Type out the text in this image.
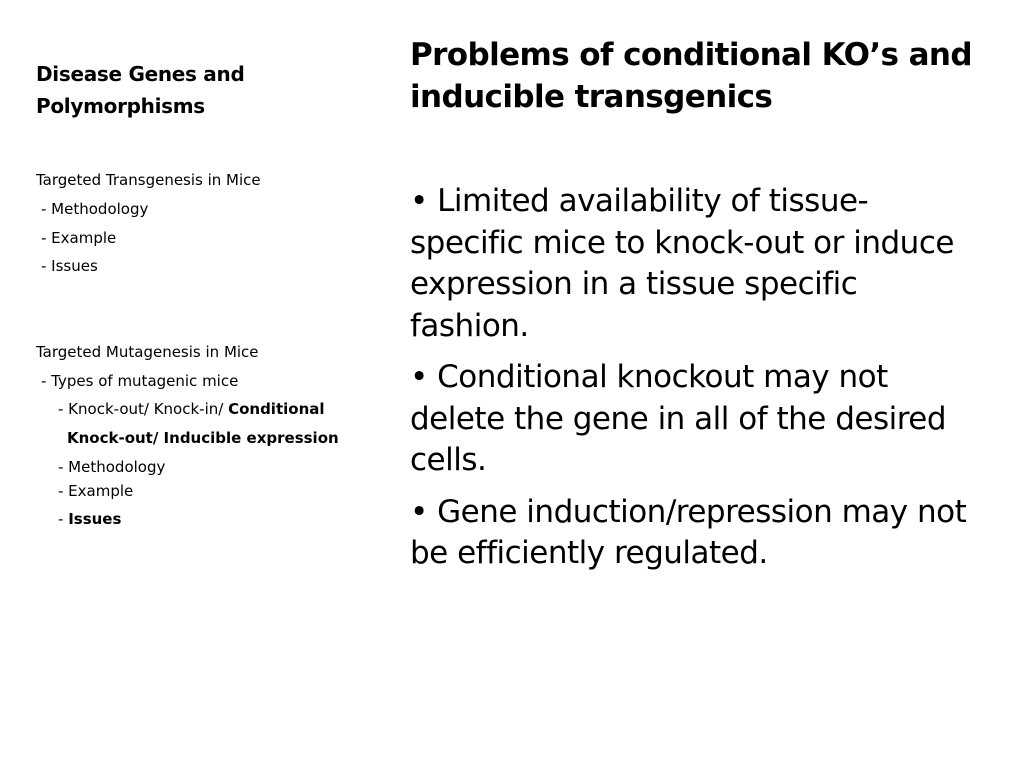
Disease Genes and Polymorphisms
Targeted Transgenesis in Mice
- Methodology
- Example
- Issues
Targeted Mutagenesis in Mice
- Types of mutagenic mice
- Knock-out/ Knock-in/ Conditional
Knock-out/ Inducible expression
- Methodology
- Example
- Issues
Problems of conditional KO’s and inducible transgenics
• Limited availability of tissue-specific mice to knock-out or induce expression in a tissue specific fashion.
• Conditional knockout may not delete the gene in all of the desired cells.
• Gene induction/repression may not be efficiently regulated.
